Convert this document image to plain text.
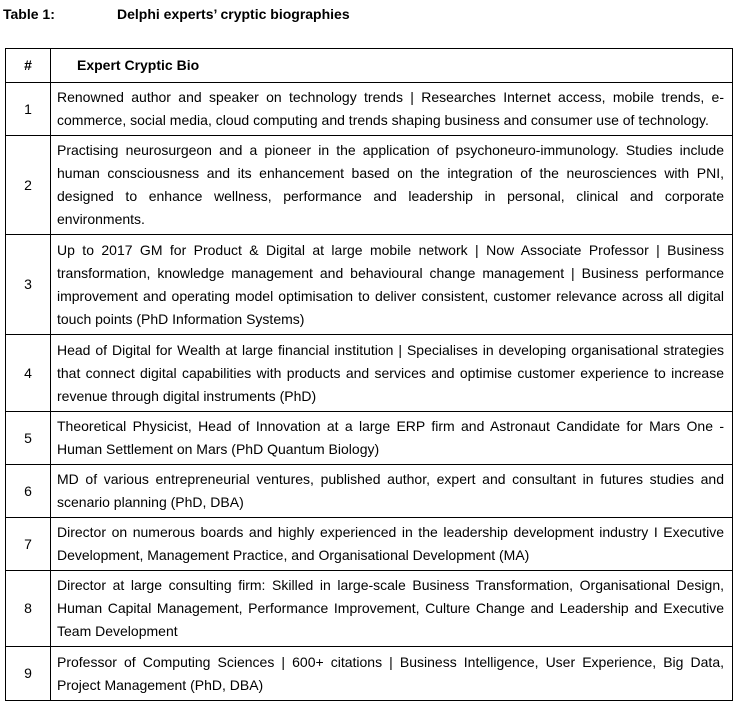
Table 1:	Delphi experts’ cryptic biographies
#	Expert Cryptic Bio
1	Renowned author and speaker on technology trends | Researches Internet access, mobile trends, e-commerce, social media, cloud computing and trends shaping business and consumer use of technology.
2	Practising neurosurgeon and a pioneer in the application of psychoneuro-immunology. Studies include human consciousness and its enhancement based on the integration of the neurosciences with PNI, designed to enhance wellness, performance and leadership in personal, clinical and corporate environments.
3	Up to 2017 GM for Product & Digital at large mobile network | Now Associate Professor | Business transformation, knowledge management and behavioural change management | Business performance improvement and operating model optimisation to deliver consistent, customer relevance across all digital touch points (PhD Information Systems)
4	Head of Digital for Wealth at large financial institution | Specialises in developing organisational strategies that connect digital capabilities with products and services and optimise customer experience to increase revenue through digital instruments (PhD)
5	Theoretical Physicist, Head of Innovation at a large ERP firm and Astronaut Candidate for Mars One - Human Settlement on Mars (PhD Quantum Biology)
6	MD of various entrepreneurial ventures, published author, expert and consultant in futures studies and scenario planning (PhD, DBA)
7	Director on numerous boards and highly experienced in the leadership development industry I Executive Development, Management Practice, and Organisational Development (MA)
8	Director at large consulting firm: Skilled in large-scale Business Transformation, Organisational Design, Human Capital Management, Performance Improvement, Culture Change and Leadership and Executive Team Development
9	Professor of Computing Sciences | 600+ citations | Business Intelligence, User Experience, Big Data, Project Management (PhD, DBA)
